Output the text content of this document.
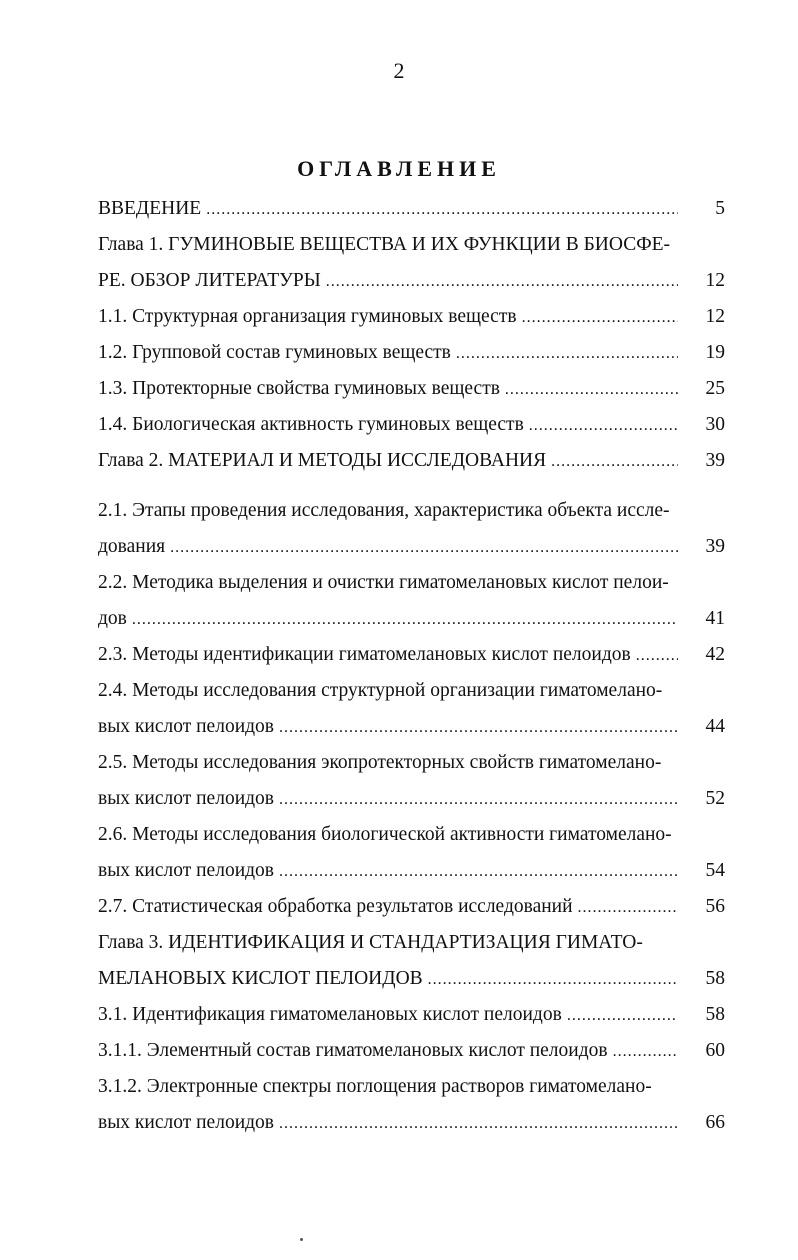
2
ОГЛАВЛЕНИЕ
ВВЕДЕНИЕ .....	5
Глава 1. ГУМИНОВЫЕ ВЕЩЕСТВА И ИХ ФУНКЦИИ В БИОСФЕ-
РЕ. ОБЗОР ЛИТЕРАТУРЫ .....	12
1.1. Структурная организация гуминовых веществ .....	12
1.2. Групповой состав гуминовых веществ .....	19
1.3. Протекторные свойства гуминовых веществ .....	25
1.4. Биологическая активность гуминовых веществ .....	30
Глава 2. МАТЕРИАЛ И МЕТОДЫ ИССЛЕДОВАНИЯ .....	39
2.1. Этапы проведения исследования, характеристика объекта иссле-
дования .....	39
2.2. Методика выделения и очистки гиматомелановых кислот пелои-
дов .....	41
2.3. Методы идентификации гиматомелановых кислот пелоидов .....	42
2.4. Методы исследования структурной организации гиматомелано-
вых кислот пелоидов .....	44
2.5. Методы исследования экопротекторных свойств гиматомелано-
вых кислот пелоидов .....	52
2.6. Методы исследования биологической активности гиматомелано-
вых кислот пелоидов .....	54
2.7. Статистическая обработка результатов исследований .....	56
Глава 3. ИДЕНТИФИКАЦИЯ И СТАНДАРТИЗАЦИЯ ГИМАТО-
МЕЛАНОВЫХ КИСЛОТ ПЕЛОИДОВ .....	58
3.1. Идентификация гиматомелановых кислот пелоидов .....	58
3.1.1. Элементный состав гиматомелановых кислот пелоидов .....	60
3.1.2. Электронные спектры поглощения растворов гиматомелано-
вых кислот пелоидов .....	66
